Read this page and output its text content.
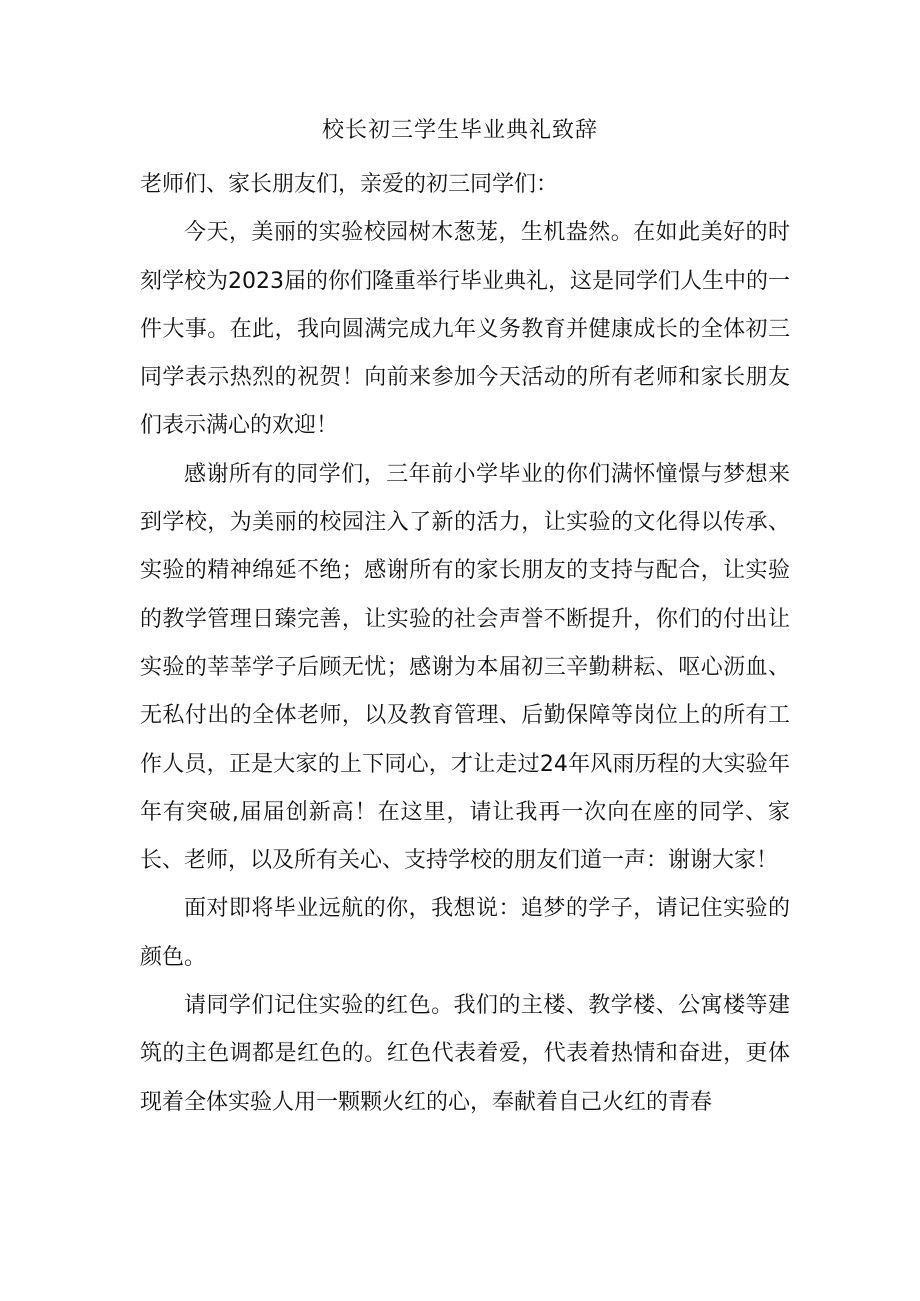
校长初三学生毕业典礼致辞

老师们、家长朋友们，亲爱的初三同学们：

今天，美丽的实验校园树木葱茏，生机盎然。在如此美好的时刻学校为2023届的你们隆重举行毕业典礼，这是同学们人生中的一件大事。在此，我向圆满完成九年义务教育并健康成长的全体初三同学表示热烈的祝贺！向前来参加今天活动的所有老师和家长朋友们表示满心的欢迎！

感谢所有的同学们，三年前小学毕业的你们满怀憧憬与梦想来到学校，为美丽的校园注入了新的活力，让实验的文化得以传承、实验的精神绵延不绝；感谢所有的家长朋友的支持与配合，让实验的教学管理日臻完善，让实验的社会声誉不断提升，你们的付出让实验的莘莘学子后顾无忧；感谢为本届初三辛勤耕耘、呕心沥血、无私付出的全体老师，以及教育管理、后勤保障等岗位上的所有工作人员，正是大家的上下同心，才让走过24年风雨历程的大实验年年有突破,届届创新高！在这里，请让我再一次向在座的同学、家长、老师，以及所有关心、支持学校的朋友们道一声：谢谢大家！

面对即将毕业远航的你，我想说：追梦的学子，请记住实验的颜色。

请同学们记住实验的红色。我们的主楼、教学楼、公寓楼等建筑的主色调都是红色的。红色代表着爱，代表着热情和奋进，更体现着全体实验人用一颗颗火红的心，奉献着自己火红的青春
